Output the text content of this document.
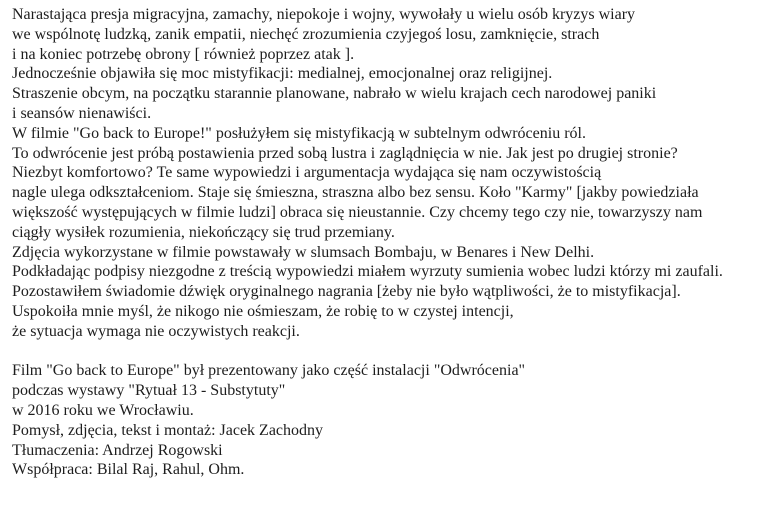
Narastająca presja migracyjna, zamachy, niepokoje i wojny, wywołały u wielu osób kryzys wiary
we wspólnotę ludzką, zanik empatii, niechęć zrozumienia czyjegoś losu, zamknięcie, strach
i na koniec potrzebę obrony [ również poprzez atak ].
Jednocześnie objawiła się moc mistyfikacji: medialnej, emocjonalnej oraz religijnej.
Straszenie obcym, na początku starannie planowane, nabrało w wielu krajach cech narodowej paniki
i seansów nienawiści.
W filmie "Go back to Europe!" posłużyłem się mistyfikacją w subtelnym odwróceniu ról.
To odwrócenie jest próbą postawienia przed sobą lustra i zaglądnięcia w nie. Jak jest po drugiej stronie?
Niezbyt komfortowo? Te same wypowiedzi i argumentacja wydająca się nam oczywistością
nagle ulega odkształceniom. Staje się śmieszna, straszna albo bez sensu. Koło "Karmy" [jakby powiedziała
większość występujących w filmie ludzi] obraca się nieustannie. Czy chcemy tego czy nie, towarzyszy nam
ciągły wysiłek rozumienia, niekończący się trud przemiany.
Zdjęcia wykorzystane w filmie powstawały w slumsach Bombaju, w Benares i New Delhi.
Podkładając podpisy niezgodne z treścią wypowiedzi miałem wyrzuty sumienia wobec ludzi którzy mi zaufali.
Pozostawiłem świadomie dźwięk oryginalnego nagrania [żeby nie było wątpliwości, że to mistyfikacja].
Uspokoiła mnie myśl, że nikogo nie ośmieszam, że robię to w czystej intencji,
że sytuacja wymaga nie oczywistych reakcji.
Film "Go back to Europe" był prezentowany jako część instalacji "Odwrócenia"
podczas wystawy "Rytuał 13 - Substytuty"
w 2016 roku we Wrocławiu.
Pomysł, zdjęcia, tekst i montaż: Jacek Zachodny
Tłumaczenia: Andrzej Rogowski
Współpraca: Bilal Raj, Rahul, Ohm.
